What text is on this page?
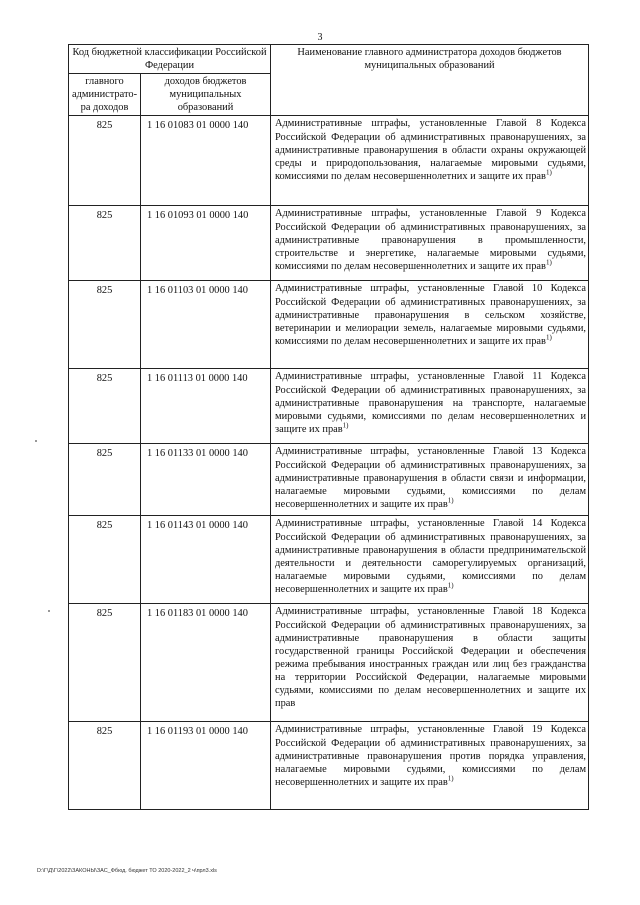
3
Код бюджетной классификации Российской Федерации		Наименование главного администратора доходов бюджетов муниципальных образований
главного администрато-ра доходов	доходов бюджетов муниципальных образований	
825	1 16 01083 01 0000 140	Административные штрафы, установленные Главой 8 Кодекса Российской Федерации об административных правонарушениях, за административные правонарушения в области охраны окружающей среды и природопользования, налагаемые мировыми судьями, комиссиями по делам несовершеннолетних и защите их прав$^{1)}$
825	1 16 01093 01 0000 140	Административные штрафы, установленные Главой 9 Кодекса Российской Федерации об административных правонарушениях, за административные правонарушения в промышленности, строительстве и энергетике, налагаемые мировыми судьями, комиссиями по делам несовершеннолетних и защите их прав$^{1)}$
825	1 16 01103 01 0000 140	Административные штрафы, установленные Главой 10 Кодекса Российской Федерации об административных правонарушениях, за административные правонарушения в сельском хозяйстве, ветеринарии и мелиорации земель, налагаемые мировыми судьями, комиссиями по делам несовершеннолетних и защите их прав$^{1)}$
825	1 16 01113 01 0000 140	Административные штрафы, установленные Главой 11 Кодекса Российской Федерации об административных правонарушениях, за административные правонарушения на транспорте, налагаемые мировыми судьями, комиссиями по делам несовершеннолетних и защите их прав$^{1)}$
825	1 16 01133 01 0000 140	Административные штрафы, установленные Главой 13 Кодекса Российской Федерации об административных правонарушениях, за административные правонарушения в области связи и информации, налагаемые мировыми судьями, комиссиями по делам несовершеннолетних и защите их прав$^{1)}$
825	1 16 01143 01 0000 140	Административные штрафы, установленные Главой 14 Кодекса Российской Федерации об административных правонарушениях, за административные правонарушения в области предпринимательской деятельности и деятельности саморегулируемых организаций, налагаемые мировыми судьями, комиссиями по делам несовершеннолетних и защите их прав$^{1)}$
825	1 16 01183 01 0000 140	Административные штрафы, установленные Главой 18 Кодекса Российской Федерации об административных правонарушениях, за административные правонарушения в области защиты государственной границы Российской Федерации и обеспечения режима пребывания иностранных граждан или лиц без гражданства на территории Российской Федерации, налагаемые мировыми судьями, комиссиями по делам несовершеннолетних и защите их прав
825	1 16 01193 01 0000 140	Административные штрафы, установленные Главой 19 Кодекса Российской Федерации об административных правонарушениях, за административные правонарушения против порядка управления, налагаемые мировыми судьями, комиссиями по делам несовершеннолетних и защите их прав$^{1)}$
D:\Г\Д\Г\2022\ЗАКОНЫ\ЗАС_Фбюд. бюджет ТО 2020-2022_2 ч\прл3.xls
